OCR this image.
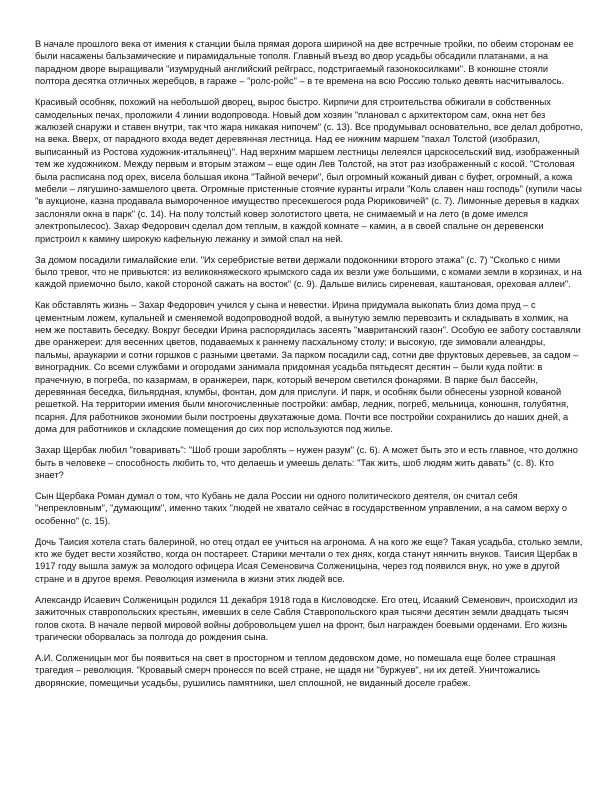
В начале прошлого века от имения к станции была прямая дорога шириной на две встречные тройки, по обеим сторонам ее были насажены бальзамические и пирамидальные тополя. Главный въезд во двор усадьбы обсадили платанами, а на парадном дворе выращивали "изумрудный английский рейграсс, подстригаемый газонокосилками". В конюшне стояли полтора десятка отличных жеребцов, в гараже – "ролс-ройс" – в те времена на всю Россию только девять насчитывалось.

Красивый особняк, похожий на небольшой дворец, вырос быстро. Кирпичи для строительства обжигали в собственных самодельных печах, проложили 4 линии водопровода. Новый дом хозяин "плановал с архитектором сам, окна нет без жалюзей снаружи и ставен внутри, так что жара никакая нипочем" (с. 13). Все продумывал основательно, все делал добротно, на века. Вверх, от парадного входа ведет деревянная лестница. Над ее нижним маршем "пахал Толстой (изобразил, выписанный из Ростова художник-итальянец)". Над верхним маршем лестницы лелеялся царскосельский вид, изображенный тем же художником. Между первым и вторым этажом – еще один Лев Толстой, на этот раз изображенный с косой. "Столовая была расписана под орех, висела большая икона "Тайной вечери", был огромный кожаный диван с буфет, огромный, а кожа мебели – лягушино-замшелого цвета. Огромные пристенные стоячие куранты играли "Коль славен наш господь" (купили часы "в аукционе, казна продавала вымороченное имущество пресекшегося рода Рюриковичей" (с. 7). Лимонные деревья в кадках заслоняли окна в парк" (с. 14). На полу толстый ковер золотистого цвета, не снимаемый и на лето (в доме имелся электропылесос). Захар Федорович сделал дом теплым, в каждой комнате – камин, а в своей спальне он деревенски пристроил к камину широкую кафельную лежанку и зимой спал на ней.

За домом посадили гималайские ели. "Их серебристые ветви держали подоконники второго этажа" (с. 7) "Сколько с ними было тревог, что не привьются: из великокняжеского крымского сада их везли уже большими, с комами земли в корзинах, и на каждой приемочно было, какой стороной сажать на восток" (с. 9). Дальше вились сиреневая, каштановая, ореховая аллеи".

Как обставлять жизнь – Захар Федорович учился у сына и невестки. Ирина придумала выкопать близ дома пруд – с цементным ложем, купальней и сменяемой водопроводной водой, а вынутую землю перевозить и складывать в холмик, на нем же поставить беседку. Вокруг беседки Ирина распорядилась засеять "мавританский газон". Особую ее заботу составляли две оранжереи: для весенних цветов, подаваемых к раннему пасхальному столу; и высокую, где зимовали алеандры, пальмы, араукарии и сотни горшков с разными цветами. За парком посадили сад, сотни две фруктовых деревьев, за садом – виноградник. Со всеми службами и огородами занимала придомная усадьба пятьдесят десятин – были куда пойти: в прачечную, в погреба, по казармам, в оранжереи, парк, который вечером светился фонарями. В парке был бассейн, деревянная беседка, бильярдная, клумбы, фонтан, дом для прислуги. И парк, и особняк были обнесены узорной кованой решеткой. На территории имения были многочисленные постройки: амбар, ледник, погреб, мельница, конюшня, голубятня, псарня. Для работников экономии были построены двухэтажные дома. Почти все постройки сохранились до наших дней, а дома для работников и складские помещения до сих пор используются под жилье.

Захар Щербак любил "говаривать": "Шоб гроши зароблять – нужен разум" (с. 6). А может быть это и есть главное, что должно быть в человеке – способность любить то, что делаешь и умеешь делать: "Так жить, шоб людям жить давать" (с. 8). Кто знает?

Сын Щербака Роман думал о том, что Кубань не дала России ни одного политического деятеля, он считал себя "непрекловным", "думающим", именно таких "людей не хватало сейчас в государственном управлении, а на самом верху о особенно" (с. 15).

Дочь Таисия хотела стать балериной, но отец отдал ее учиться на агронома. А на кого же еще? Такая усадьба, столько земли, кто же будет вести хозяйство, когда он постареет. Старики мечтали о тех днях, когда станут нянчить внуков. Таисия Щербак в 1917 году вышла замуж за молодого офицера Исая Семеновича Солженицына, через год появился внук, но уже в другой стране и в другое время. Революция изменила в жизни этих людей все.

Александр Исаевич Солженицын родился 11 декабря 1918 года в Кисловодске. Его отец, Исаакий Семенович, происходил из зажиточных ставропольских крестьян, имевших в селе Сабля Ставропольского края тысячи десятин земли двадцать тысяч голов скота. В начале первой мировой войны добровольцем ушел на фронт, был награжден боевыми орденами. Его жизнь трагически оборвалась за полгода до рождения сына.

А.И. Солженицын мог бы появиться на свет в просторном и теплом дедовском доме, но помешала еще более страшная трагедия – революция. "Кровавый смерч пронесся по всей стране, не щадя ни "буржуев", ни их детей. Уничтожались дворянские, помещичьи усадьбы, рушились памятники, шел сплошной, не виданный доселе грабеж.
